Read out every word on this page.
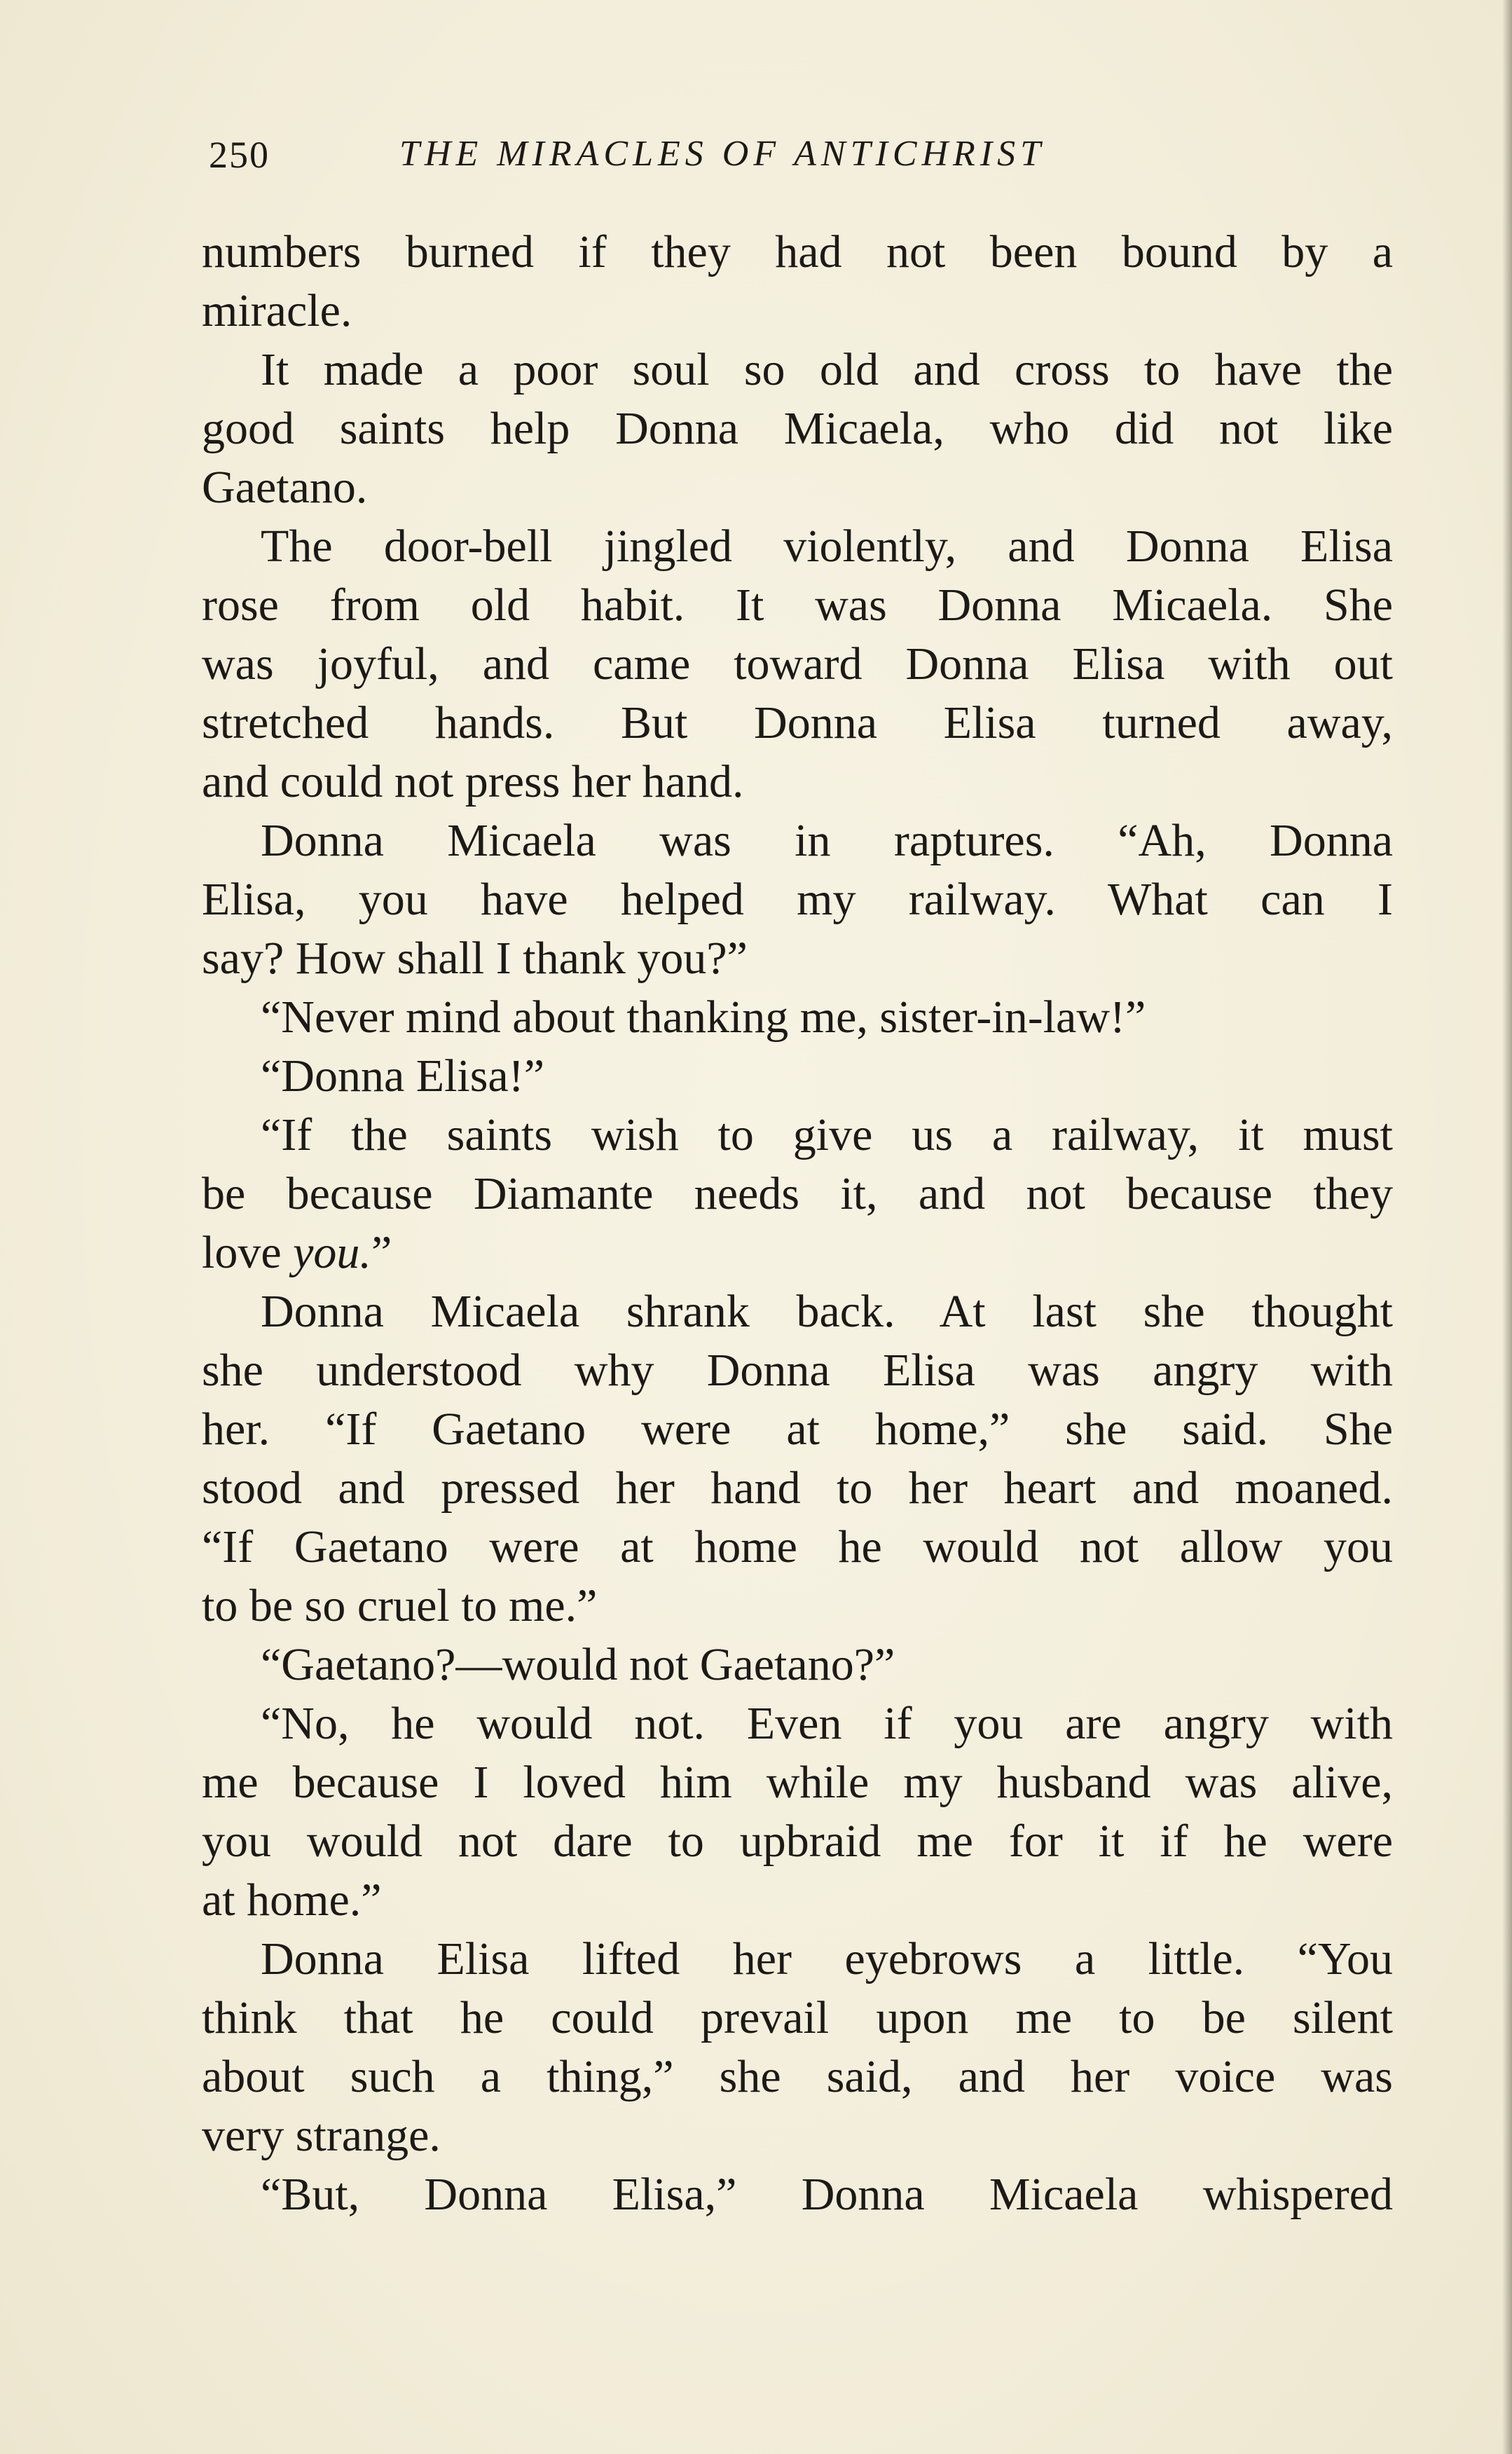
250	THE MIRACLES OF ANTICHRIST
numbers burned if they had not been bound by a
miracle.
It made a poor soul so old and cross to have the
good saints help Donna Micaela, who did not like
Gaetano.
The door-bell jingled violently, and Donna Elisa
rose from old habit. It was Donna Micaela. She
was joyful, and came toward Donna Elisa with out
stretched hands. But Donna Elisa turned away,
and could not press her hand.
Donna Micaela was in raptures. “Ah, Donna
Elisa, you have helped my railway. What can I
say? How shall I thank you?”
“Never mind about thanking me, sister-in-law!”
“Donna Elisa!”
“If the saints wish to give us a railway, it must
be because Diamante needs it, and not because they
love you.”
Donna Micaela shrank back. At last she thought
she understood why Donna Elisa was angry with
her. “If Gaetano were at home,” she said. She
stood and pressed her hand to her heart and moaned.
“If Gaetano were at home he would not allow you
to be so cruel to me.”
“Gaetano?—would not Gaetano?”
“No, he would not. Even if you are angry with
me because I loved him while my husband was alive,
you would not dare to upbraid me for it if he were
at home.”
Donna Elisa lifted her eyebrows a little. “You
think that he could prevail upon me to be silent
about such a thing,” she said, and her voice was
very strange.
“But, Donna Elisa,” Donna Micaela whispered
